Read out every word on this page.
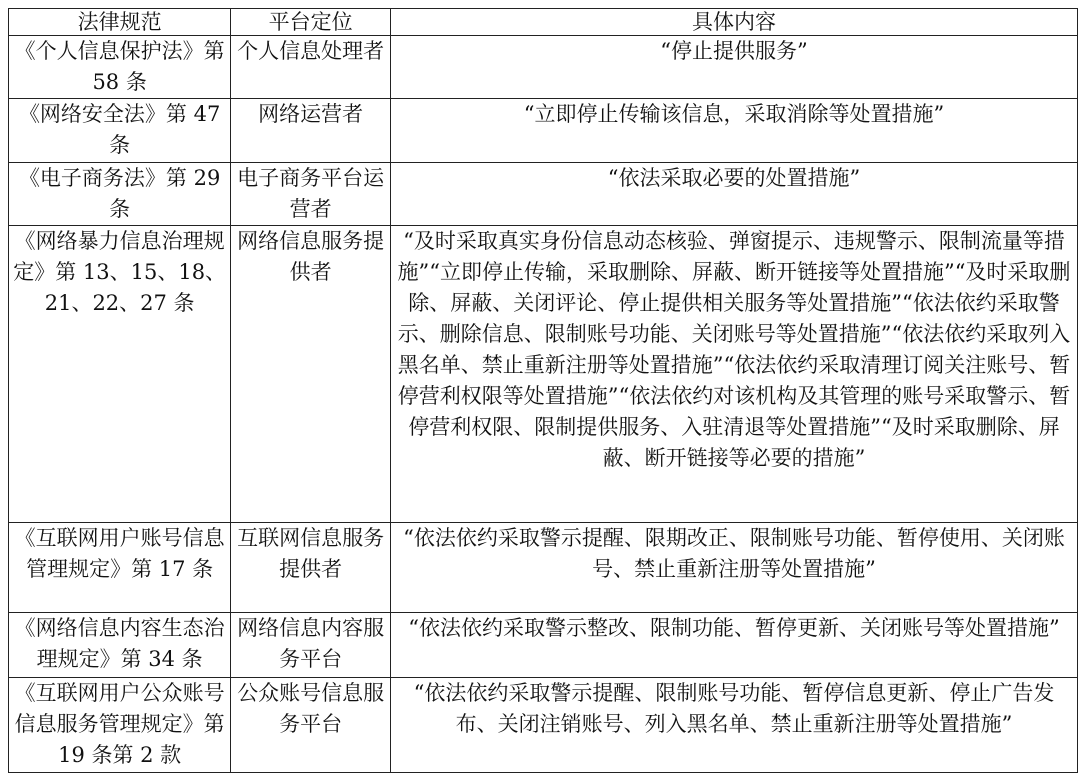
法律规范	平台定位	具体内容
《个人信息保护法》第 58 条	个人信息处理者	“停止提供服务”
《网络安全法》第 47 条	网络运营者	“立即停止传输该信息，采取消除等处置措施”
《电子商务法》第 29 条	电子商务平台运营者	“依法采取必要的处置措施”
《网络暴力信息治理规定》第 13、15、18、21、22、27 条	网络信息服务提供者	“及时采取真实身份信息动态核验、弹窗提示、违规警示、限制流量等措施”“立即停止传输，采取删除、屏蔽、断开链接等处置措施”“及时采取删除、屏蔽、关闭评论、停止提供相关服务等处置措施”“依法依约采取警示、删除信息、限制账号功能、关闭账号等处置措施”“依法依约采取列入黑名单、禁止重新注册等处置措施”“依法依约采取清理订阅关注账号、暂停营利权限等处置措施”“依法依约对该机构及其管理的账号采取警示、暂停营利权限、限制提供服务、入驻清退等处置措施”“及时采取删除、屏蔽、断开链接等必要的措施”
《互联网用户账号信息管理规定》第 17 条	互联网信息服务提供者	“依法依约采取警示提醒、限期改正、限制账号功能、暂停使用、关闭账号、禁止重新注册等处置措施”
《网络信息内容生态治理规定》第 34 条	网络信息内容服务平台	“依法依约采取警示整改、限制功能、暂停更新、关闭账号等处置措施”
《互联网用户公众账号信息服务管理规定》第 19 条第 2 款	公众账号信息服务平台	“依法依约采取警示提醒、限制账号功能、暂停信息更新、停止广告发布、关闭注销账号、列入黑名单、禁止重新注册等处置措施”
